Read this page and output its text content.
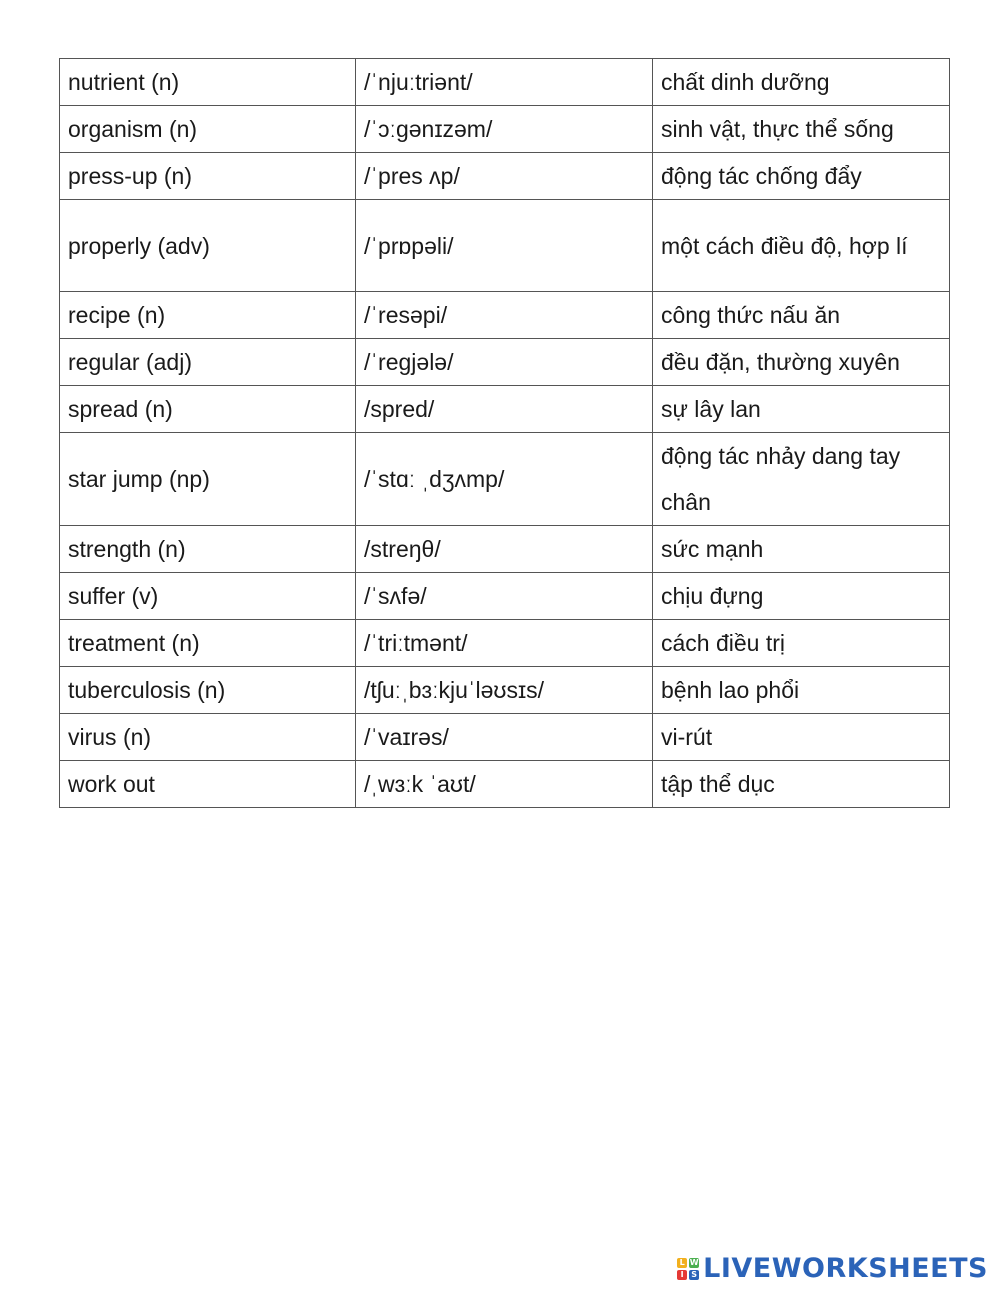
nutrient (n)	/ˈnjuːtriənt/	chất dinh dưỡng
organism (n)	/ˈɔːɡənɪzəm/	sinh vật, thực thể sống
press-up (n)	/ˈpres ʌp/	động tác chống đẩy
properly (adv)	/ˈprɒpəli/	một cách điều độ, hợp lí
recipe (n)	/ˈresəpi/	công thức nấu ăn
regular (adj)	/ˈreɡjələ/	đều đặn, thường xuyên
spread (n)	/spred/	sự lây lan
star jump (np)	/ˈstɑː ˌdʒʌmp/	động tác nhảy dang tay chân
strength (n)	/streŋθ/	sức mạnh
suffer (v)	/ˈsʌfə/	chịu đựng
treatment (n)	/ˈtriːtmənt/	cách điều trị
tuberculosis (n)	/tʃuːˌbɜːkjuˈləʊsɪs/	bệnh lao phổi
virus (n)	/ˈvaɪrəs/	vi-rút
work out	/ˌwɜːk ˈaʊt/	tập thể dục
L W
I S LIVEWORKSHEETS
